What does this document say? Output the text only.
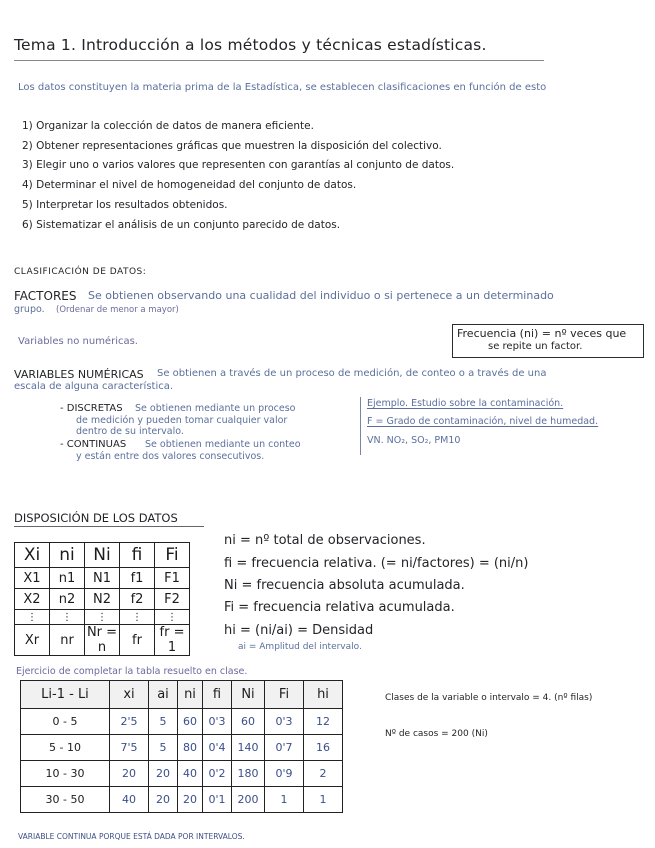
Tema 1. Introducción a los métodos y técnicas estadísticas.
Los datos constituyen la materia prima de la Estadística, se establecen clasificaciones en función de esto
1) Organizar la colección de datos de manera eficiente.
2) Obtener representaciones gráficas que muestren la disposición del colectivo.
3) Elegir uno o varios valores que representen con garantías al conjunto de datos.
4) Determinar el nivel de homogeneidad del conjunto de datos.
5) Interpretar los resultados obtenidos.
6) Sistematizar el análisis de un conjunto parecido de datos.
CLASIFICACIÓN DE DATOS:
FACTORES Se obtienen observando una cualidad del individuo o si pertenece a un determinado
grupo. (Ordenar de menor a mayor)
Variables no numéricas.
Frecuencia (ni) = nº veces que
se repite un factor.
VARIABLES NUMÉRICAS Se obtienen a través de un proceso de medición, de conteo o a través de una
escala de alguna característica.
- DISCRETAS Se obtienen mediante un proceso
de medición y pueden tomar cualquier valor
dentro de su intervalo.
- CONTINUAS Se obtienen mediante un conteo
y están entre dos valores consecutivos.
Ejemplo. Estudio sobre la contaminación.
F = Grado de contaminación, nivel de humedad.
VN. NO₂, SO₂, PM10
DISPOSICIÓN DE LOS DATOS
Xi	ni	Ni	fi	Fi
X1	n1	N1	f1	F1
X2	n2	N2	f2	F2
⋮	⋮	⋮	⋮	⋮
Xr	nr	Nr = n	fr	fr = 1
ni = nº total de observaciones.
fi = frecuencia relativa. (= ni/factores) = (ni/n)
Ni = frecuencia absoluta acumulada.
Fi = frecuencia relativa acumulada.
hi = (ni/ai) = Densidad
ai = Amplitud del intervalo.
Ejercicio de completar la tabla resuelto en clase.
Li-1 - Li	xi	ai	ni	fi	Ni	Fi	hi
0 - 5	2'5	5	60	0'3	60	0'3	12
5 - 10	7'5	5	80	0'4	140	0'7	16
10 - 30	20	20	40	0'2	180	0'9	2
30 - 50	40	20	20	0'1	200	1	1
Clases de la variable o intervalo = 4. (nº filas)
Nº de casos = 200 (Ni)
VARIABLE CONTINUA PORQUE ESTÁ DADA POR INTERVALOS.
